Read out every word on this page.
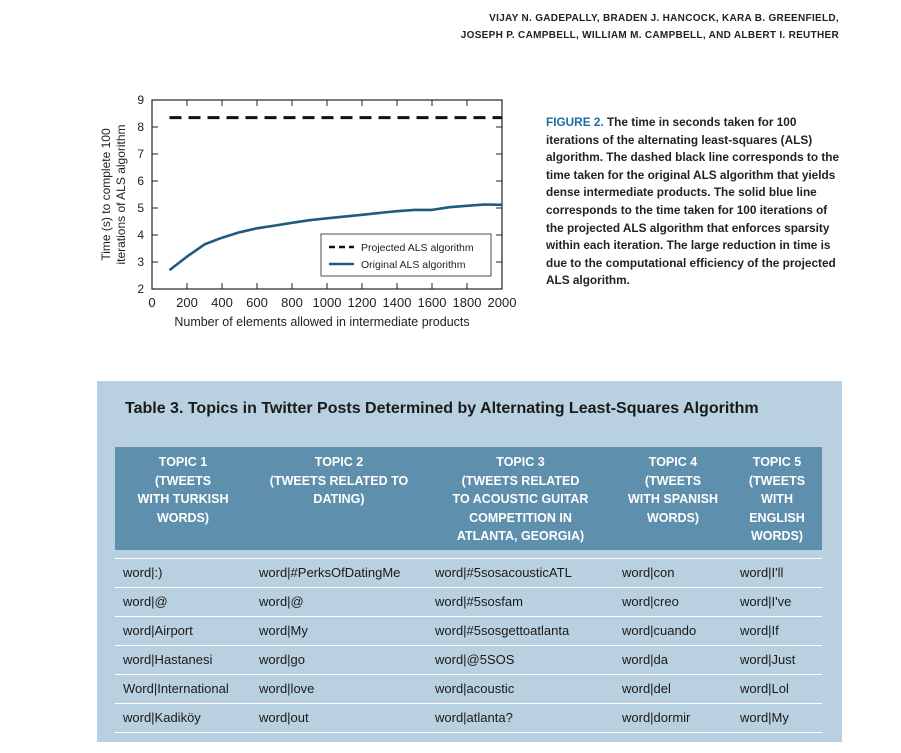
VIJAY N. GADEPALLY, BRADEN J. HANCOCK, KARA B. GREENFIELD,
JOSEPH P. CAMPBELL, WILLIAM M. CAMPBELL, AND ALBERT I. REUTHER
0 200 400 600 800 1000 1200 1400 1600 1800 2000
2
3
4
5
6
7
8
9
Number of elements allowed in intermediate products
Time (s) to complete 100 iterations of ALS algorithm	Projected ALS algorithm
Original ALS algorithm
FIGURE 2. The time in seconds taken for 100 iterations of the alternating least-squares (ALS) algorithm. The dashed black line corresponds to the time taken for the original ALS algorithm that yields dense intermediate products. The solid blue line corresponds to the time taken for 100 iterations of the projected ALS algorithm that enforces sparsity within each iteration. The large reduction in time is due to the computational efficiency of the projected ALS algorithm.
Table 3. Topics in Twitter Posts Determined by Alternating Least-Squares Algorithm
TOPIC 1
(TWEETS
WITH TURKISH
WORDS)	TOPIC 2
(TWEETS RELATED TO
DATING)	TOPIC 3
(TWEETS RELATED
TO ACOUSTIC GUITAR
COMPETITION IN
ATLANTA, GEORGIA)	TOPIC 4
(TWEETS
WITH SPANISH
WORDS)	TOPIC 5
(TWEETS
WITH
ENGLISH
WORDS)

word|:)	word|#PerksOfDatingMe	word|#5sosacousticATL	word|con	word|I'll
word|@	word|@	word|#5sosfam	word|creo	word|I've
word|Airport	word|My	word|#5sosgettoatlanta	word|cuando	word|If
word|Hastanesi	word|go	word|@5SOS	word|da	word|Just
Word|International	word|love	word|acoustic	word|del	word|Lol
word|Kadiköy	word|out	word|atlanta?	word|dormir	word|My
